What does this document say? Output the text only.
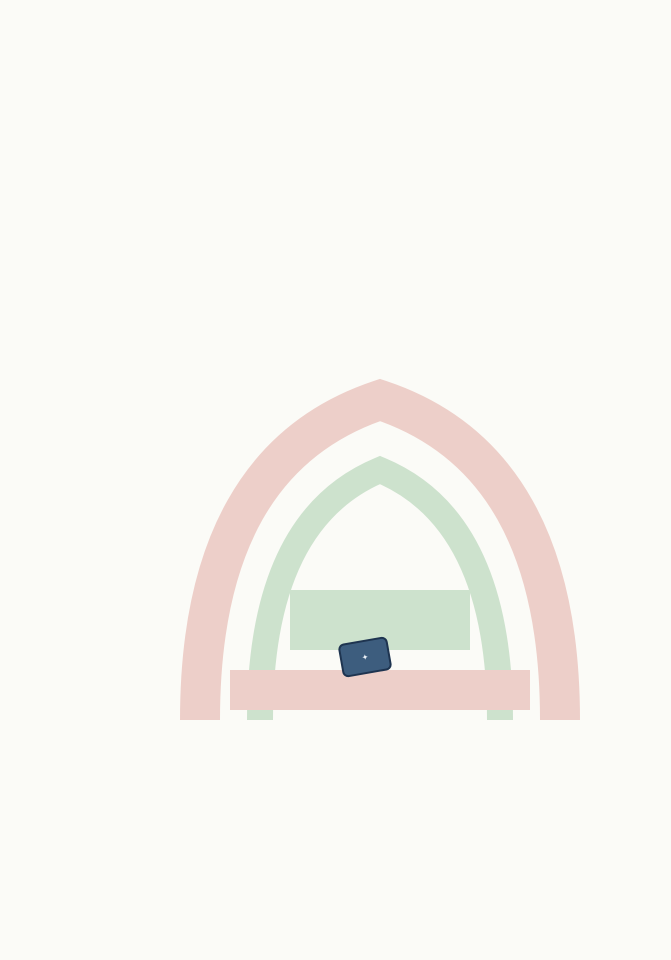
✦
